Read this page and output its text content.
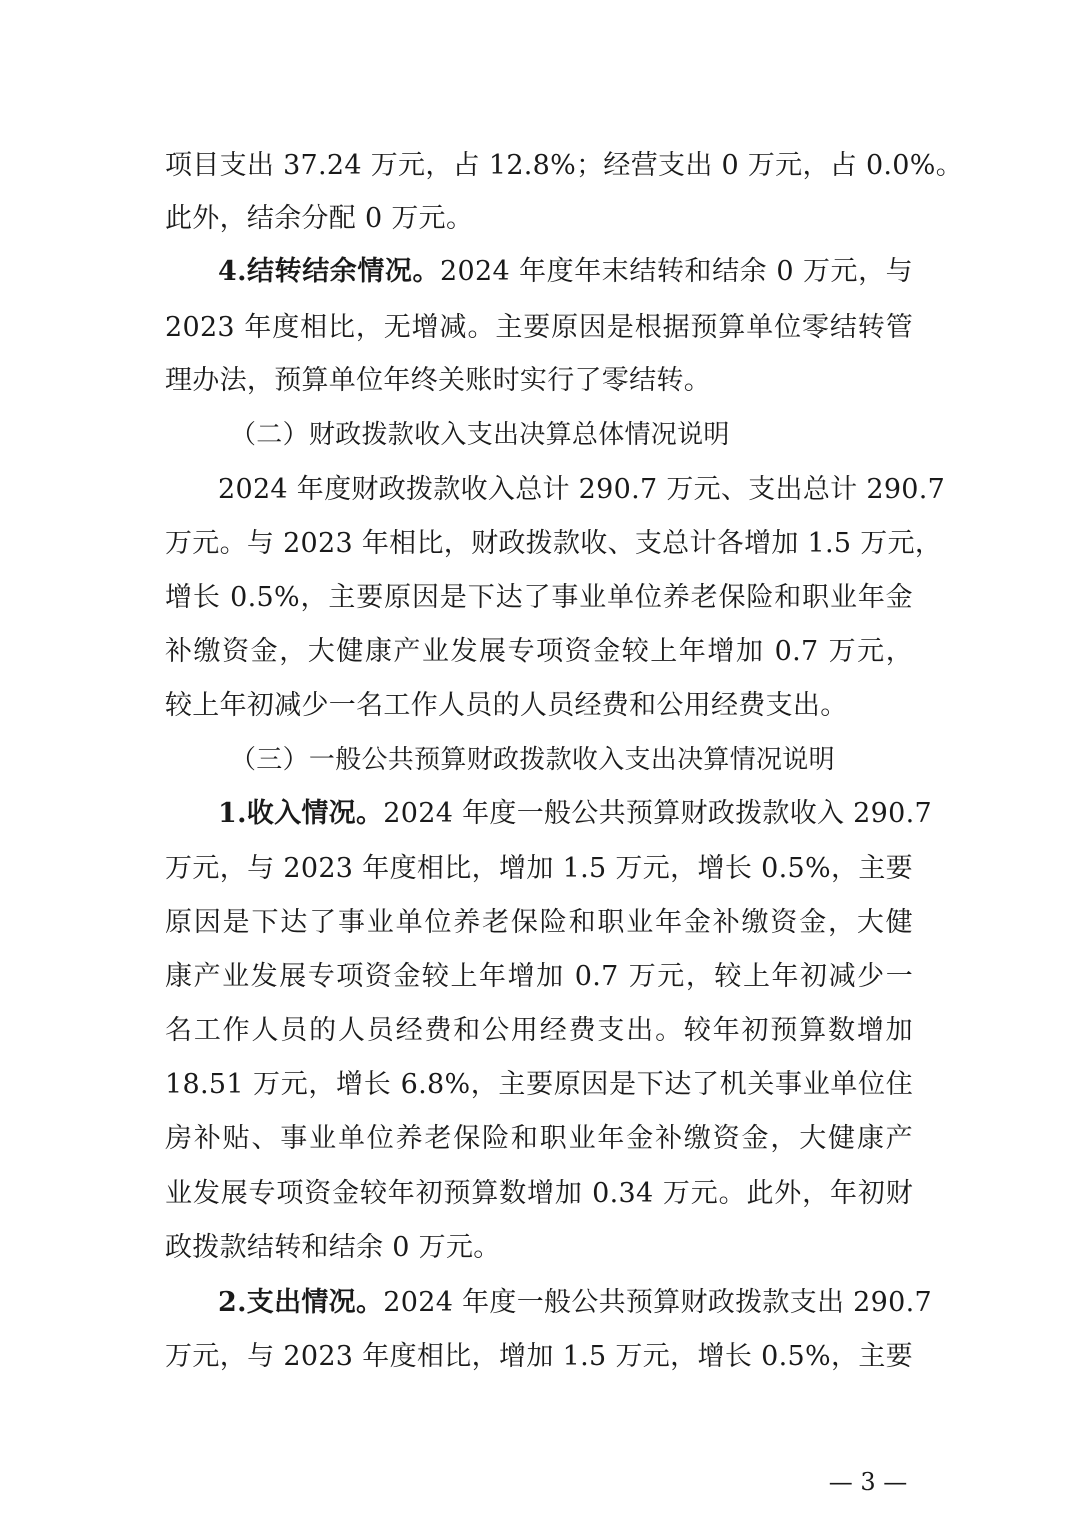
项目支出 37.24 万元，占 12.8%；经营支出 0 万元，占 0.0%。
此外，结余分配 0 万元。
4.结转结余情况。2024 年度年末结转和结余 0 万元，与
2023 年度相比，无增减。主要原因是根据预算单位零结转管
理办法，预算单位年终关账时实行了零结转。
（二）财政拨款收入支出决算总体情况说明
2024 年度财政拨款收入总计 290.7 万元、支出总计 290.7
万元。与 2023 年相比，财政拨款收、支总计各增加 1.5 万元，
增长 0.5%，主要原因是下达了事业单位养老保险和职业年金
补缴资金，大健康产业发展专项资金较上年增加 0.7 万元，
较上年初减少一名工作人员的人员经费和公用经费支出。
（三）一般公共预算财政拨款收入支出决算情况说明
1.收入情况。2024 年度一般公共预算财政拨款收入 290.7
万元，与 2023 年度相比，增加 1.5 万元，增长 0.5%，主要
原因是下达了事业单位养老保险和职业年金补缴资金，大健
康产业发展专项资金较上年增加 0.7 万元，较上年初减少一
名工作人员的人员经费和公用经费支出。较年初预算数增加
18.51 万元，增长 6.8%，主要原因是下达了机关事业单位住
房补贴、事业单位养老保险和职业年金补缴资金，大健康产
业发展专项资金较年初预算数增加 0.34 万元。此外，年初财
政拨款结转和结余 0 万元。
2.支出情况。2024 年度一般公共预算财政拨款支出 290.7
万元，与 2023 年度相比，增加 1.5 万元，增长 0.5%，主要
— 3 —
